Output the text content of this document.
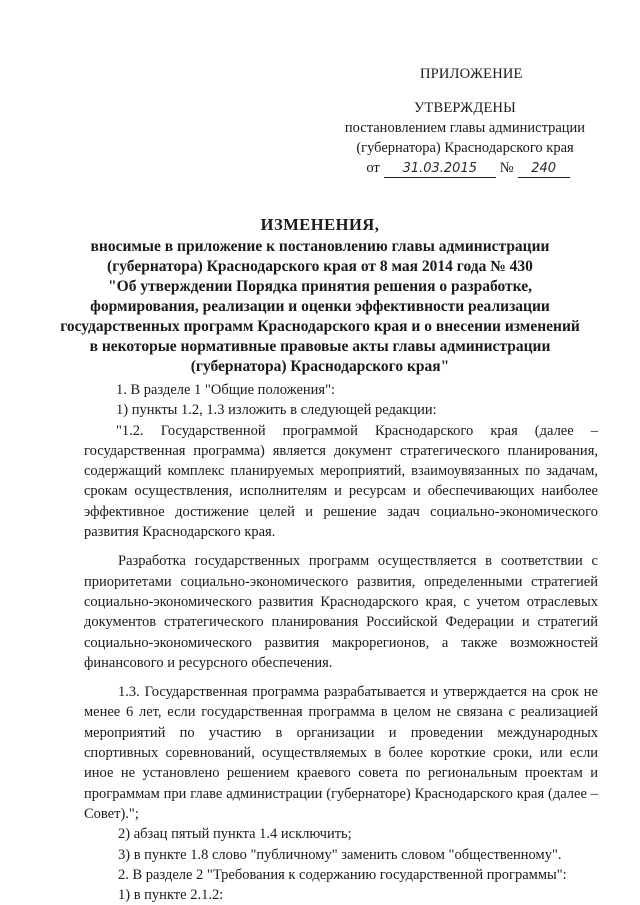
ПРИЛОЖЕНИЕ
УТВЕРЖДЕНЫ
постановлением главы администрации
(губернатора) Краснодарского края
от	31.03.2015	№	240
ИЗМЕНЕНИЯ,
вносимые в приложение к постановлению главы администрации
(губернатора) Краснодарского края от 8 мая 2014 года № 430
"Об утверждении Порядка принятия решения о разработке,
формирования, реализации и оценки эффективности реализации
государственных программ Краснодарского края и о внесении изменений
в некоторые нормативные правовые акты главы администрации
(губернатора) Краснодарского края"

1. В разделе 1 "Общие положения":

1) пункты 1.2, 1.3 изложить в следующей редакции:

"1.2. Государственной программой Краснодарского края (далее – государственная программа) является документ стратегического планирования, содержащий комплекс планируемых мероприятий, взаимоувязанных по задачам, срокам осуществления, исполнителям и ресурсам и обеспечивающих наиболее эффективное достижение целей и решение задач социально-экономического развития Краснодарского края.

Разработка государственных программ осуществляется в соответствии с приоритетами социально-экономического развития, определенными стратегией социально-экономического развития Краснодарского края, с учетом отраслевых документов стратегического планирования Российской Федерации и стратегий социально-экономического развития макрорегионов, а также возможностей финансового и ресурсного обеспечения.

1.3. Государственная программа разрабатывается и утверждается на срок не менее 6 лет, если государственная программа в целом не связана с реализацией мероприятий по участию в организации и проведении международных спортивных соревнований, осуществляемых в более короткие сроки, или если иное не установлено решением краевого совета по региональным проектам и программам при главе администрации (губернаторе) Краснодарского края (далее – Совет).";

2) абзац пятый пункта 1.4 исключить;

3) в пункте 1.8 слово "публичному" заменить словом "общественному".

2. В разделе 2 "Требования к содержанию государственной программы":

1) в пункте 2.1.2:
